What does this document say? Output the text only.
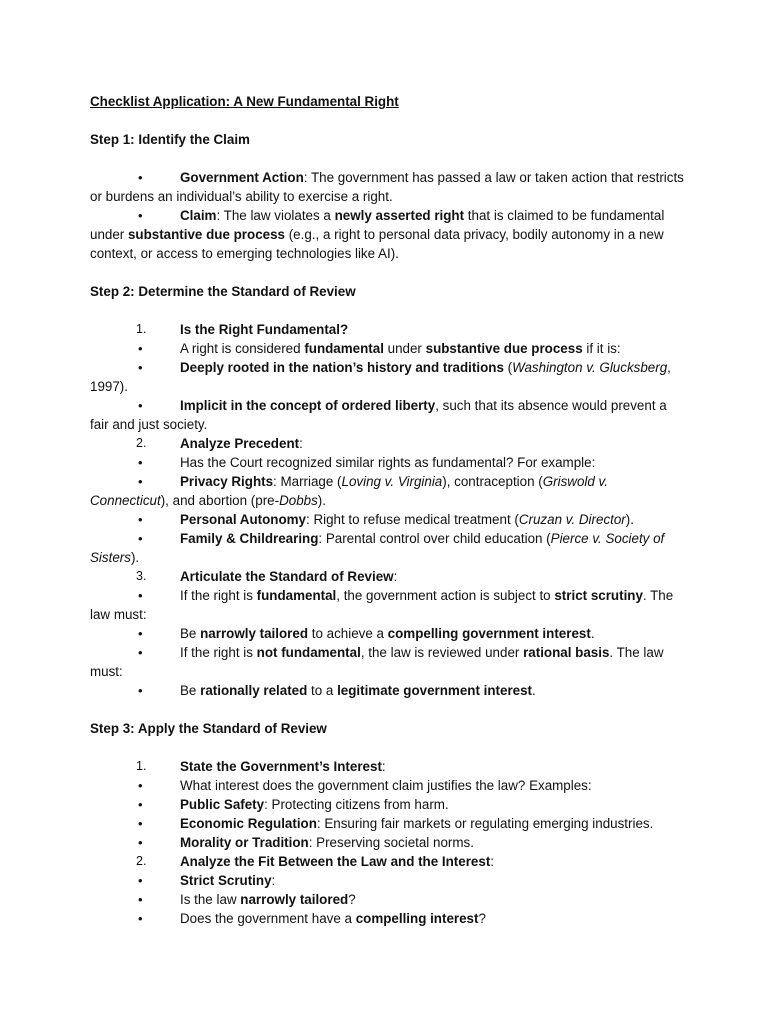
Checklist Application: A New Fundamental Right

Step 1: Identify the Claim

•	Government Action: The government has passed a law or taken action that restricts or burdens an individual’s ability to exercise a right.

•	Claim: The law violates a newly asserted right that is claimed to be fundamental under substantive due process (e.g., a right to personal data privacy, bodily autonomy in a new context, or access to emerging technologies like AI).

Step 2: Determine the Standard of Review

1.	Is the Right Fundamental?

•	A right is considered fundamental under substantive due process if it is:

•	Deeply rooted in the nation’s history and traditions (Washington v. Glucksberg, 1997).

•	Implicit in the concept of ordered liberty, such that its absence would prevent a fair and just society.

2.	Analyze Precedent:

•	Has the Court recognized similar rights as fundamental? For example:

•	Privacy Rights: Marriage (Loving v. Virginia), contraception (Griswold v. Connecticut), and abortion (pre-Dobbs).

•	Personal Autonomy: Right to refuse medical treatment (Cruzan v. Director).

•	Family & Childrearing: Parental control over child education (Pierce v. Society of Sisters).

3.	Articulate the Standard of Review:

•	If the right is fundamental, the government action is subject to strict scrutiny. The law must:

•	Be narrowly tailored to achieve a compelling government interest.

•	If the right is not fundamental, the law is reviewed under rational basis. The law must:

•	Be rationally related to a legitimate government interest.

Step 3: Apply the Standard of Review

1.	State the Government’s Interest:

•	What interest does the government claim justifies the law? Examples:

•	Public Safety: Protecting citizens from harm.

•	Economic Regulation: Ensuring fair markets or regulating emerging industries.

•	Morality or Tradition: Preserving societal norms.

2.	Analyze the Fit Between the Law and the Interest:

•	Strict Scrutiny:

•	Is the law narrowly tailored?

•	Does the government have a compelling interest?
